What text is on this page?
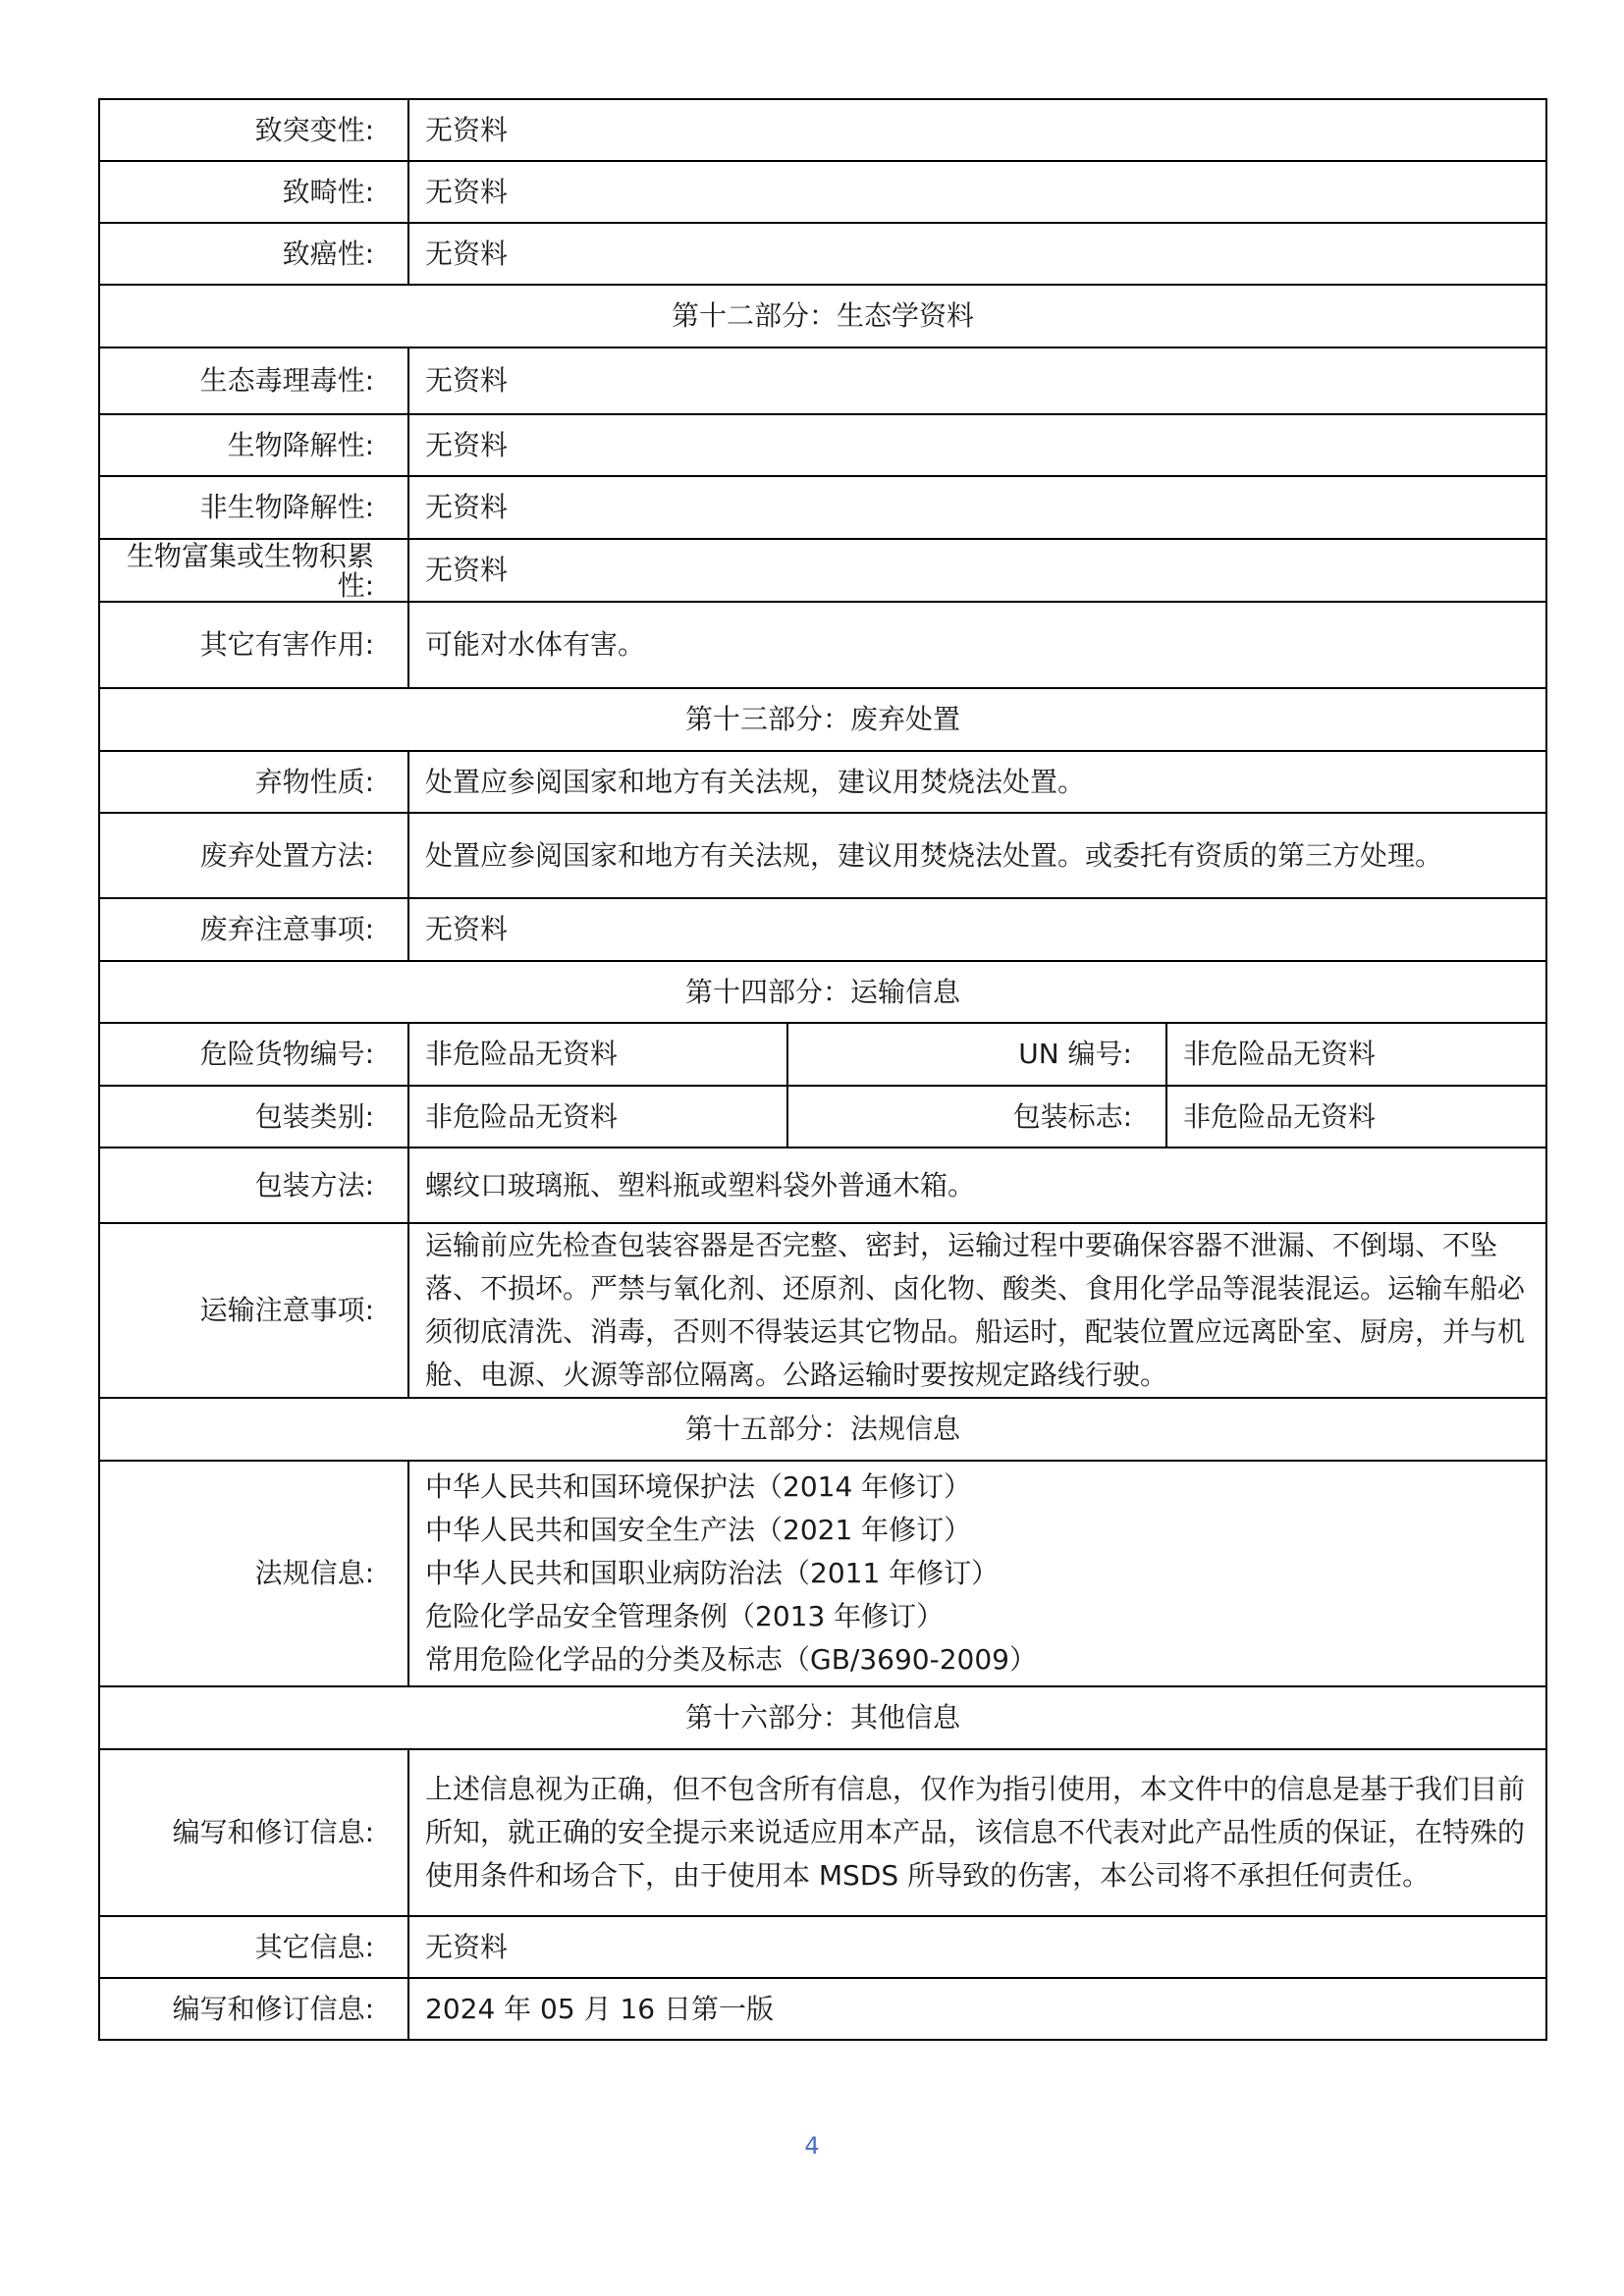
致突变性:	无资料		
致畸性:	无资料		
致癌性:	无资料		
第十二部分：生态学资料			
生态毒理毒性:	无资料		
生物降解性:	无资料		
非生物降解性:	无资料		

生物富集或生物积累性:	无资料		
其它有害作用:	可能对水体有害。		
第十三部分：废弃处置			
弃物性质:	处置应参阅国家和地方有关法规，建议用焚烧法处置。		
废弃处置方法:	处置应参阅国家和地方有关法规，建议用焚烧法处置。或委托有资质的第三方处理。		
废弃注意事项:	无资料		
第十四部分：运输信息			
危险货物编号:	非危险品无资料	UN 编号:	非危险品无资料
包装类别:	非危险品无资料	包装标志:	非危险品无资料
包装方法:	螺纹口玻璃瓶、塑料瓶或塑料袋外普通木箱。		
运输注意事项:	运输前应先检查包装容器是否完整、密封，运输过程中要确保容器不泄漏、不倒塌、不坠落、不损坏。严禁与氧化剂、还原剂、卤化物、酸类、食用化学品等混装混运。运输车船必须彻底清洗、消毒，否则不得装运其它物品。船运时，配装位置应远离卧室、厨房，并与机舱、电源、火源等部位隔离。公路运输时要按规定路线行驶。		
第十五部分：法规信息			
法规信息:	中华人民共和国环境保护法（2014 年修订）
中华人民共和国安全生产法（2021 年修订）
中华人民共和国职业病防治法（2011 年修订）
危险化学品安全管理条例（2013 年修订）
常用危险化学品的分类及标志（GB/3690-2009）		

第十六部分：其他信息			
编写和修订信息:	上述信息视为正确，但不包含所有信息，仅作为指引使用，本文件中的信息是基于我们目前所知，就正确的安全提示来说适应用本产品，该信息不代表对此产品性质的保证，在特殊的使用条件和场合下，由于使用本 MSDS 所导致的伤害，本公司将不承担任何责任。		
其它信息:	无资料		
编写和修订信息:	2024 年 05 月 16 日第一版		
4
